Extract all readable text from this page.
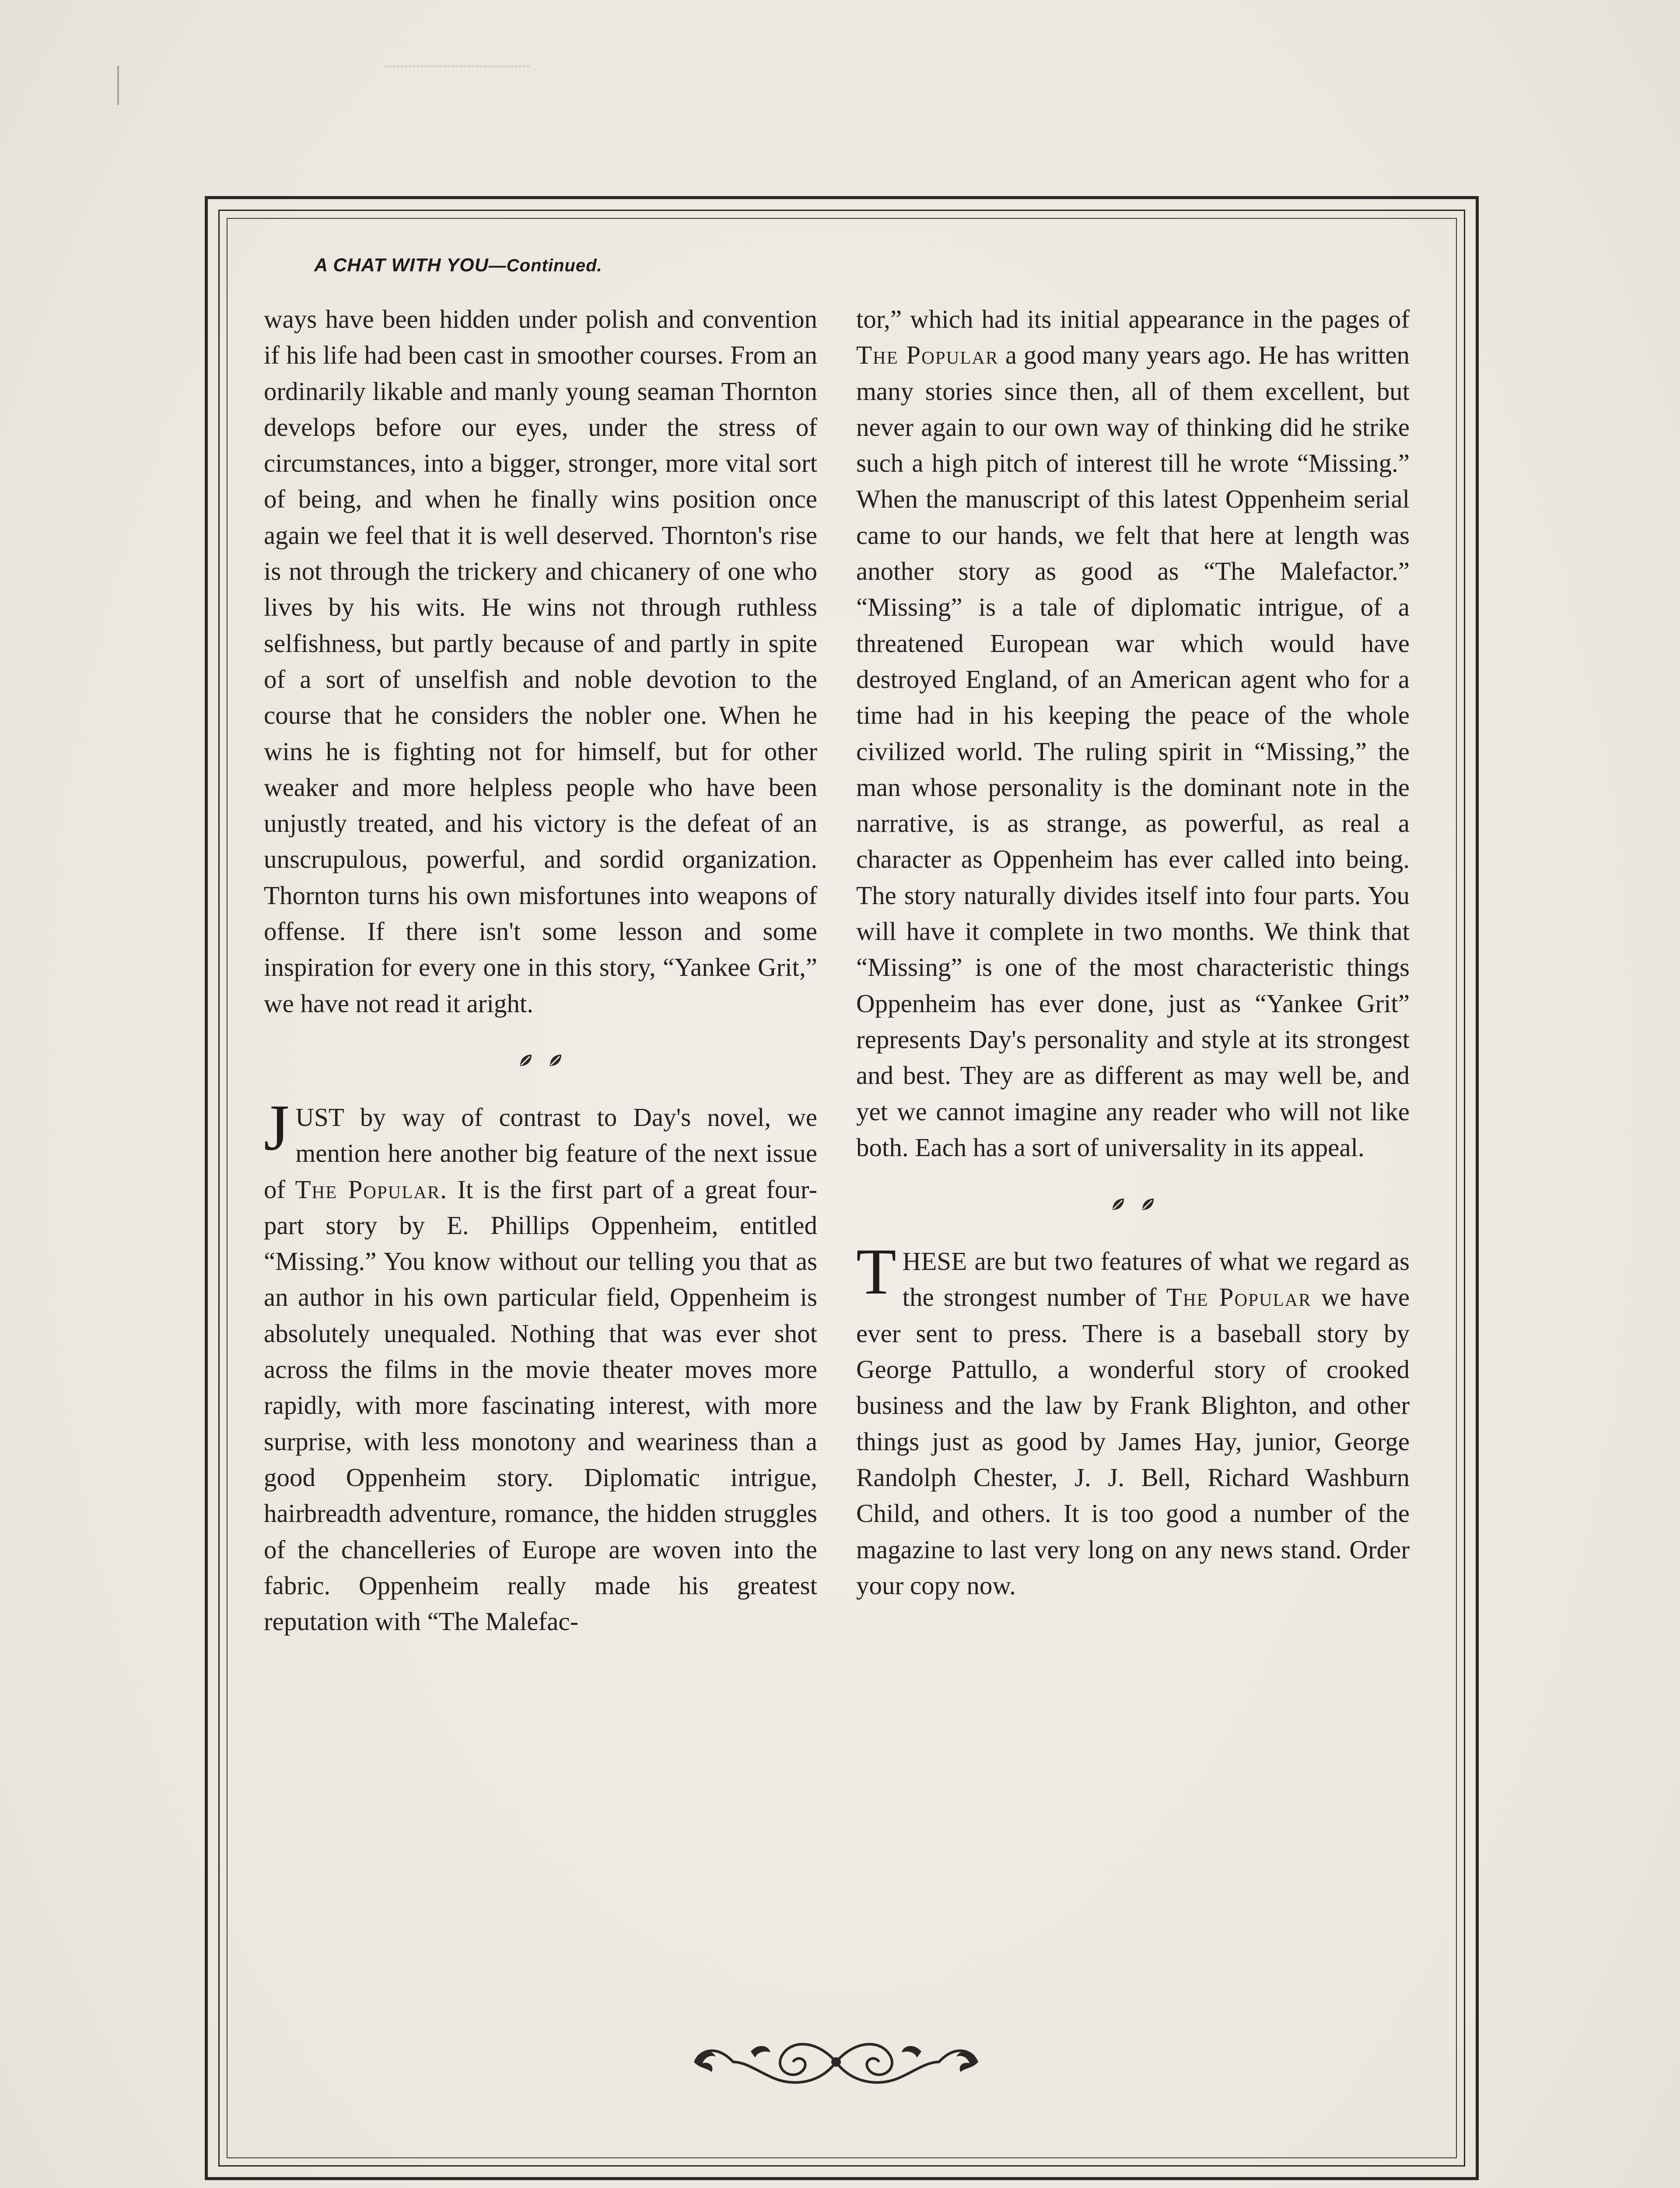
A CHAT WITH YOU—Continued.

ways have been hidden under polish and convention if his life had been cast in smoother courses. From an ordinarily likable and manly young seaman Thornton develops before our eyes, under the stress of circumstances, into a bigger, stronger, more vital sort of being, and when he finally wins position once again we feel that it is well deserved. Thornton's rise is not through the trickery and chicanery of one who lives by his wits. He wins not through ruthless selfishness, but partly because of and partly in spite of a sort of unselfish and noble devotion to the course that he considers the nobler one. When he wins he is fighting not for himself, but for other weaker and more helpless people who have been unjustly treated, and his victory is the defeat of an unscrupulous, powerful, and sordid organization. Thornton turns his own misfortunes into weapons of offense. If there isn't some lesson and some inspiration for every one in this story, “Yankee Grit,” we have not read it aright.

JUST by way of contrast to Day's novel, we mention here another big feature of the next issue of The Popular. It is the first part of a great four-part story by E. Phillips Oppenheim, entitled “Missing.” You know without our telling you that as an author in his own particular field, Oppenheim is absolutely unequaled. Nothing that was ever shot across the films in the movie theater moves more rapidly, with more fascinating interest, with more surprise, with less monotony and weariness than a good Oppenheim story. Diplomatic intrigue, hairbreadth adventure, romance, the hidden struggles of the chancelleries of Europe are woven into the fabric. Oppenheim really made his greatest reputation with “The Malefac-

tor,” which had its initial appearance in the pages of The Popular a good many years ago. He has written many stories since then, all of them excellent, but never again to our own way of thinking did he strike such a high pitch of interest till he wrote “Missing.” When the manuscript of this latest Oppenheim serial came to our hands, we felt that here at length was another story as good as “The Malefactor.” “Missing” is a tale of diplomatic intrigue, of a threatened European war which would have destroyed England, of an American agent who for a time had in his keeping the peace of the whole civilized world. The ruling spirit in “Missing,” the man whose personality is the dominant note in the narrative, is as strange, as powerful, as real a character as Oppenheim has ever called into being. The story naturally divides itself into four parts. You will have it complete in two months. We think that “Missing” is one of the most characteristic things Oppenheim has ever done, just as “Yankee Grit” represents Day's personality and style at its strongest and best. They are as different as may well be, and yet we cannot imagine any reader who will not like both. Each has a sort of universality in its appeal.

THESE are but two features of what we regard as the strongest number of The Popular we have ever sent to press. There is a baseball story by George Pattullo, a wonderful story of crooked business and the law by Frank Blighton, and other things just as good by James Hay, junior, George Randolph Chester, J. J. Bell, Richard Washburn Child, and others. It is too good a number of the magazine to last very long on any news stand. Order your copy now.
